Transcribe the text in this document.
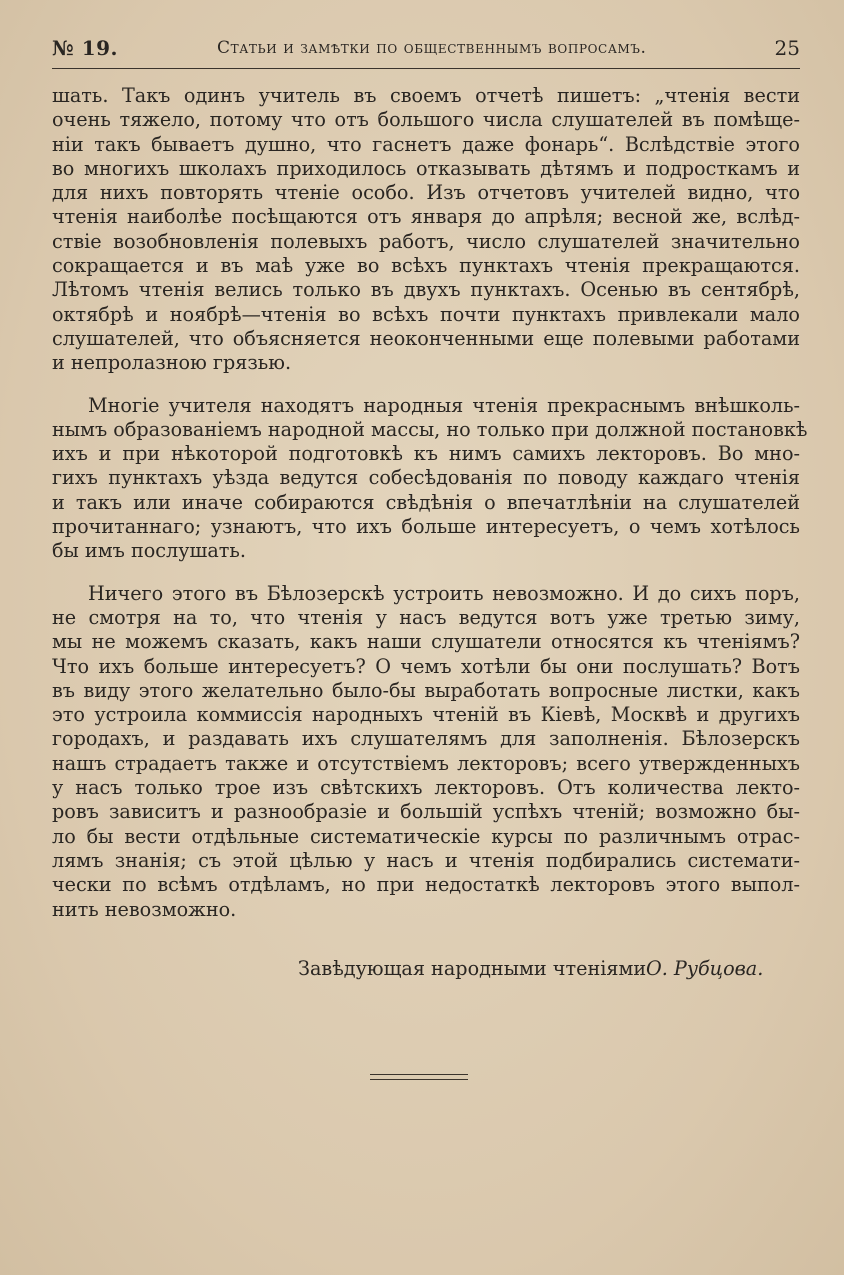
№ 19.	Статьи и замѣтки по общественнымъ вопросамъ.	25
шать. Такъ одинъ учитель въ своемъ отчетѣ пишетъ: „чтенія вести
очень тяжело, потому что отъ большого числа слушателей въ помѣще-
ніи такъ бываетъ душно, что гаснетъ даже фонарь“. Вслѣдствіе этого
во многихъ школахъ приходилось отказывать дѣтямъ и подросткамъ и
для нихъ повторять чтеніе особо. Изъ отчетовъ учителей видно, что
чтенія наиболѣе посѣщаются отъ января до апрѣля; весной же, вслѣд-
ствіе возобновленія полевыхъ работъ, число слушателей значительно
сокращается и въ маѣ уже во всѣхъ пунктахъ чтенія прекращаются.
Лѣтомъ чтенія велись только въ двухъ пунктахъ. Осенью въ сентябрѣ,
октябрѣ и ноябрѣ—чтенія во всѣхъ почти пунктахъ привлекали мало
слушателей, что объясняется неоконченными еще полевыми работами
и непролазною грязью.
Многіе учителя находятъ народныя чтенія прекраснымъ внѣшколь-
нымъ образованіемъ народной массы, но только при должной постановкѣ
ихъ и при нѣкоторой подготовкѣ къ нимъ самихъ лекторовъ. Во мно-
гихъ пунктахъ уѣзда ведутся собесѣдованія по поводу каждаго чтенія
и такъ или иначе собираются свѣдѣнія о впечатлѣніи на слушателей
прочитаннаго; узнаютъ, что ихъ больше интересуетъ, о чемъ хотѣлось
бы имъ послушать.
Ничего этого въ Бѣлозерскѣ устроить невозможно. И до сихъ поръ,
не смотря на то, что чтенія у насъ ведутся вотъ уже третью зиму,
мы не можемъ сказать, какъ наши слушатели относятся къ чтеніямъ?
Что ихъ больше интересуетъ? О чемъ хотѣли бы они послушать? Вотъ
въ виду этого желательно было-бы выработать вопросные листки, какъ
это устроила коммиссія народныхъ чтеній въ Кіевѣ, Москвѣ и другихъ
городахъ, и раздавать ихъ слушателямъ для заполненія. Бѣлозерскъ
нашъ страдаетъ также и отсутствіемъ лекторовъ; всего утвержденныхъ
у насъ только трое изъ свѣтскихъ лекторовъ. Отъ количества лекто-
ровъ зависитъ и разнообразіе и большій успѣхъ чтеній; возможно бы-
ло бы вести отдѣльные систематическіе курсы по различнымъ отрас-
лямъ знанія; съ этой цѣлью у насъ и чтенія подбирались системати-
чески по всѣмъ отдѣламъ, но при недостаткѣ лекторовъ этого выпол-
нить невозможно.
Завѣдующая народными чтеніями О. Рубцова.
